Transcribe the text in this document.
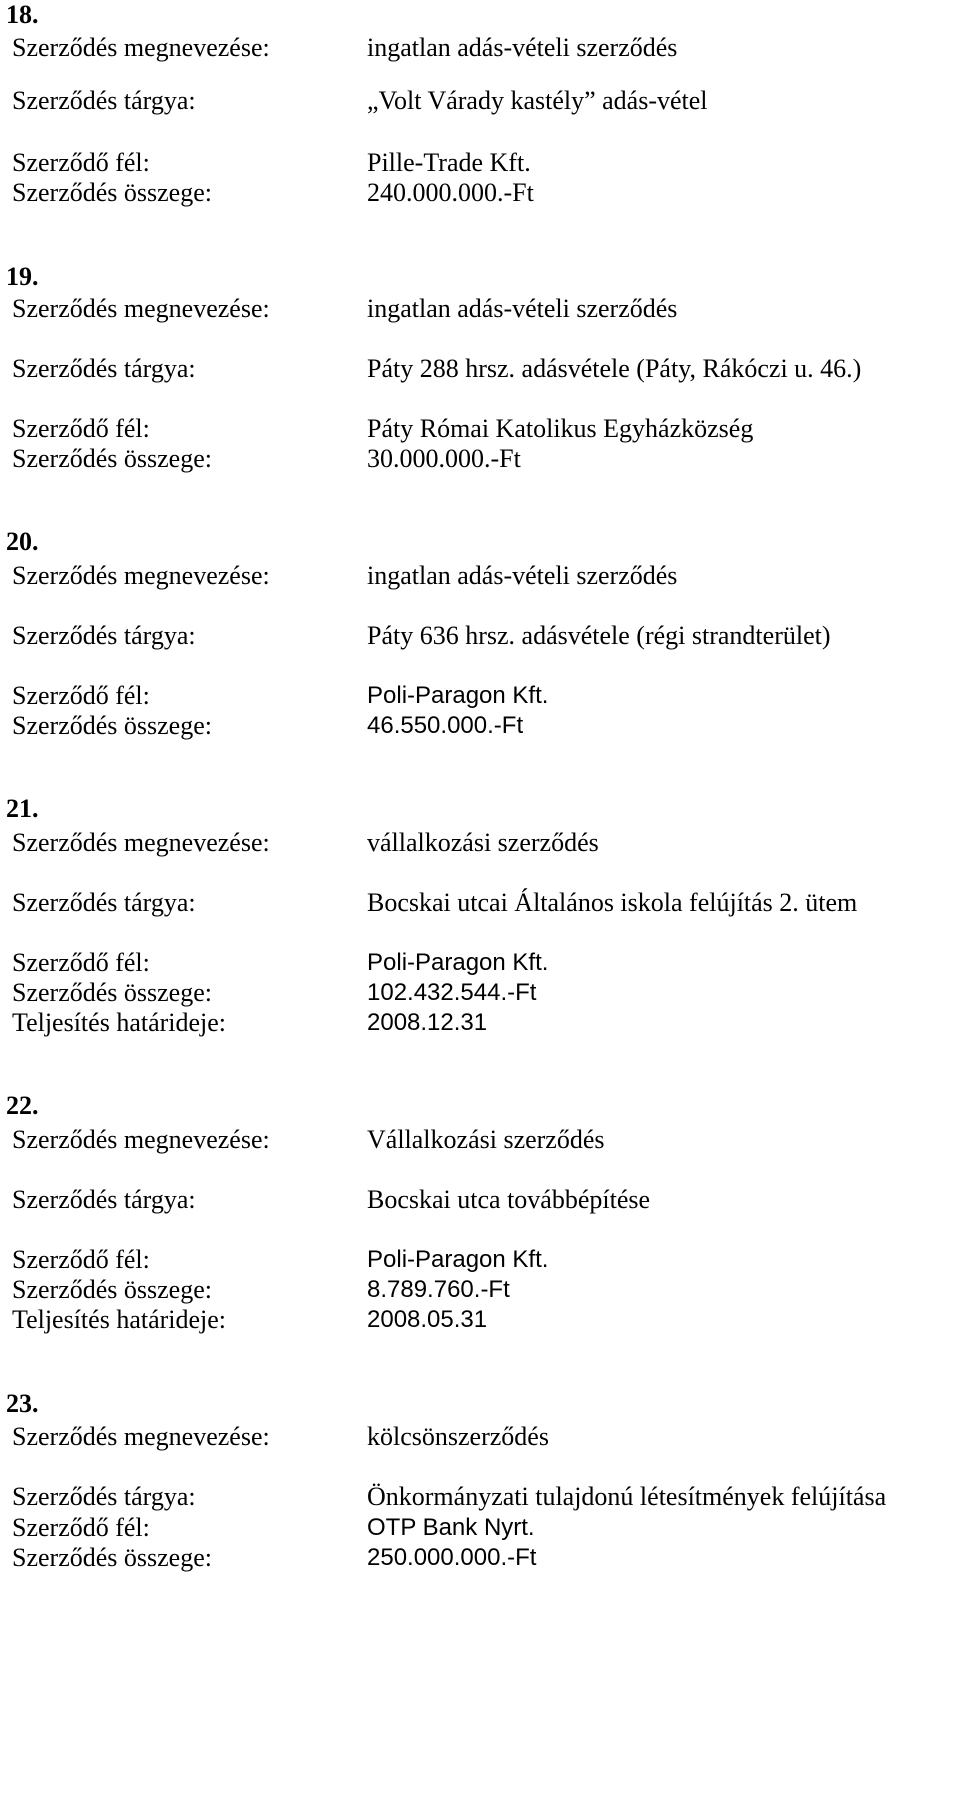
18.
Szerződés megnevezése:	ingatlan adás-vételi szerződés
Szerződés tárgya:	„Volt Várady kastély” adás-vétel
Szerződő fél:	Pille-Trade Kft.
Szerződés összege:	240.000.000.-Ft
19.
Szerződés megnevezése:	ingatlan adás-vételi szerződés
Szerződés tárgya:	Páty 288 hrsz. adásvétele (Páty, Rákóczi u. 46.)
Szerződő fél:	Páty Római Katolikus Egyházközség
Szerződés összege:	30.000.000.-Ft
20.
Szerződés megnevezése:	ingatlan adás-vételi szerződés
Szerződés tárgya:	Páty 636 hrsz. adásvétele (régi strandterület)
Szerződő fél:	Poli-Paragon Kft.
Szerződés összege:	46.550.000.-Ft
21.
Szerződés megnevezése:	vállalkozási szerződés
Szerződés tárgya:	Bocskai utcai Általános iskola felújítás 2. ütem
Szerződő fél:	Poli-Paragon Kft.
Szerződés összege:	102.432.544.-Ft
Teljesítés határideje:	2008.12.31
22.
Szerződés megnevezése:	Vállalkozási szerződés
Szerződés tárgya:	Bocskai utca továbbépítése
Szerződő fél:	Poli-Paragon Kft.
Szerződés összege:	8.789.760.-Ft
Teljesítés határideje:	2008.05.31
23.
Szerződés megnevezése:	kölcsönszerződés
Szerződés tárgya:	Önkormányzati tulajdonú létesítmények felújítása
Szerződő fél:	OTP Bank Nyrt.
Szerződés összege:	250.000.000.-Ft
